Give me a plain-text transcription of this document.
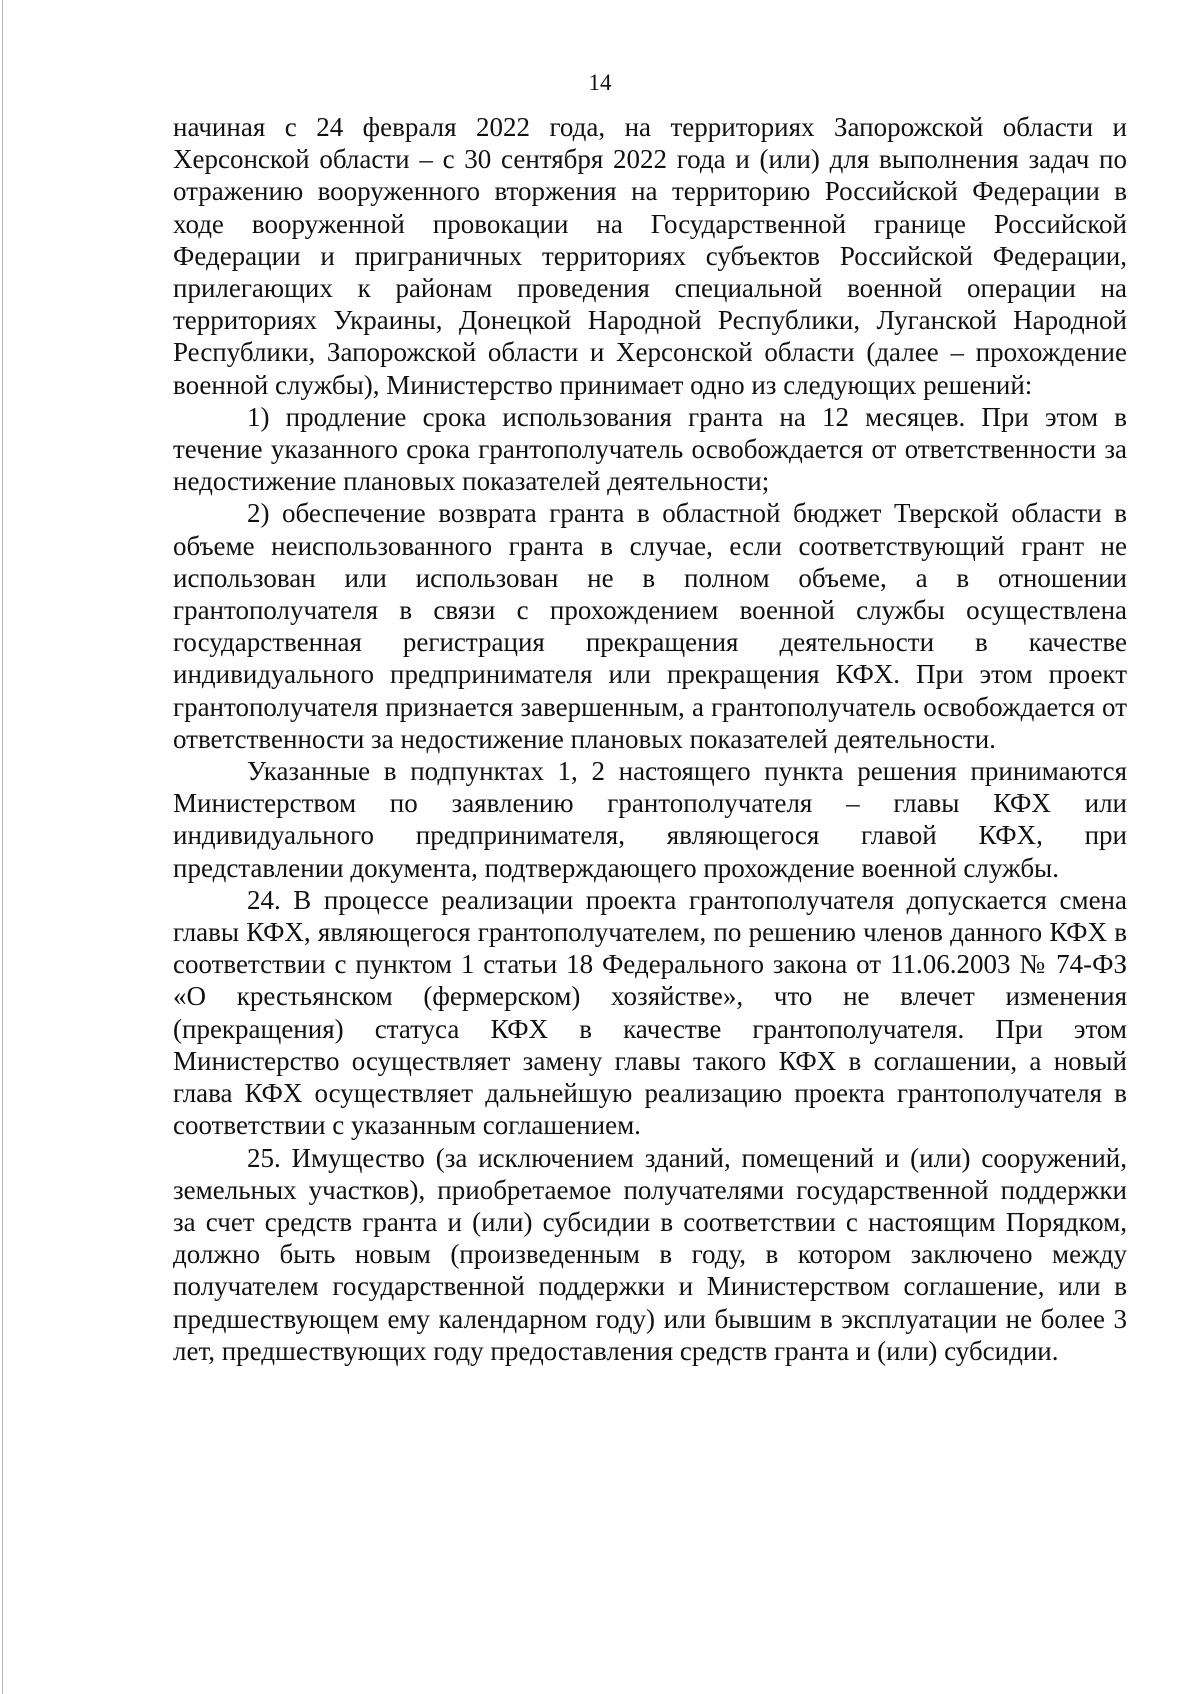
14

начиная с 24 февраля 2022 года, на территориях Запорожской области и Херсонской области – с 30 сентября 2022 года и (или) для выполнения задач по отражению вооруженного вторжения на территорию Российской Федерации в ходе вооруженной провокации на Государственной границе Российской Федерации и приграничных территориях субъектов Российской Федерации, прилегающих к районам проведения специальной военной операции на территориях Украины, Донецкой Народной Республики, Луганской Народной Республики, Запорожской области и Херсонской области (далее – прохождение военной службы), Министерство принимает одно из следующих решений:

1) продление срока использования гранта на 12 месяцев. При этом в течение указанного срока грантополучатель освобождается от ответственности за недостижение плановых показателей деятельности;

2) обеспечение возврата гранта в областной бюджет Тверской области в объеме неиспользованного гранта в случае, если соответствующий грант не использован или использован не в полном объеме, а в отношении грантополучателя в связи с прохождением военной службы осуществлена государственная регистрация прекращения деятельности в качестве индивидуального предпринимателя или прекращения КФХ. При этом проект грантополучателя признается завершенным, а грантополучатель освобождается от ответственности за недостижение плановых показателей деятельности.

Указанные в подпунктах 1, 2 настоящего пункта решения принимаются Министерством по заявлению грантополучателя – главы КФХ или индивидуального предпринимателя, являющегося главой КФХ, при представлении документа, подтверждающего прохождение военной службы.

24. В процессе реализации проекта грантополучателя допускается смена главы КФХ, являющегося грантополучателем, по решению членов данного КФХ в соответствии с пунктом 1 статьи 18 Федерального закона от 11.06.2003 № 74-ФЗ «О крестьянском (фермерском) хозяйстве», что не влечет изменения (прекращения) статуса КФХ в качестве грантополучателя. При этом Министерство осуществляет замену главы такого КФХ в соглашении, а новый глава КФХ осуществляет дальнейшую реализацию проекта грантополучателя в соответствии с указанным соглашением.

25. Имущество (за исключением зданий, помещений и (или) сооружений, земельных участков), приобретаемое получателями государственной поддержки за счет средств гранта и (или) субсидии в соответствии с настоящим Порядком, должно быть новым (произведенным в году, в котором заключено между получателем государственной поддержки и Министерством соглашение, или в предшествующем ему календарном году) или бывшим в эксплуатации не более 3 лет, предшествующих году предоставления средств гранта и (или) субсидии.
